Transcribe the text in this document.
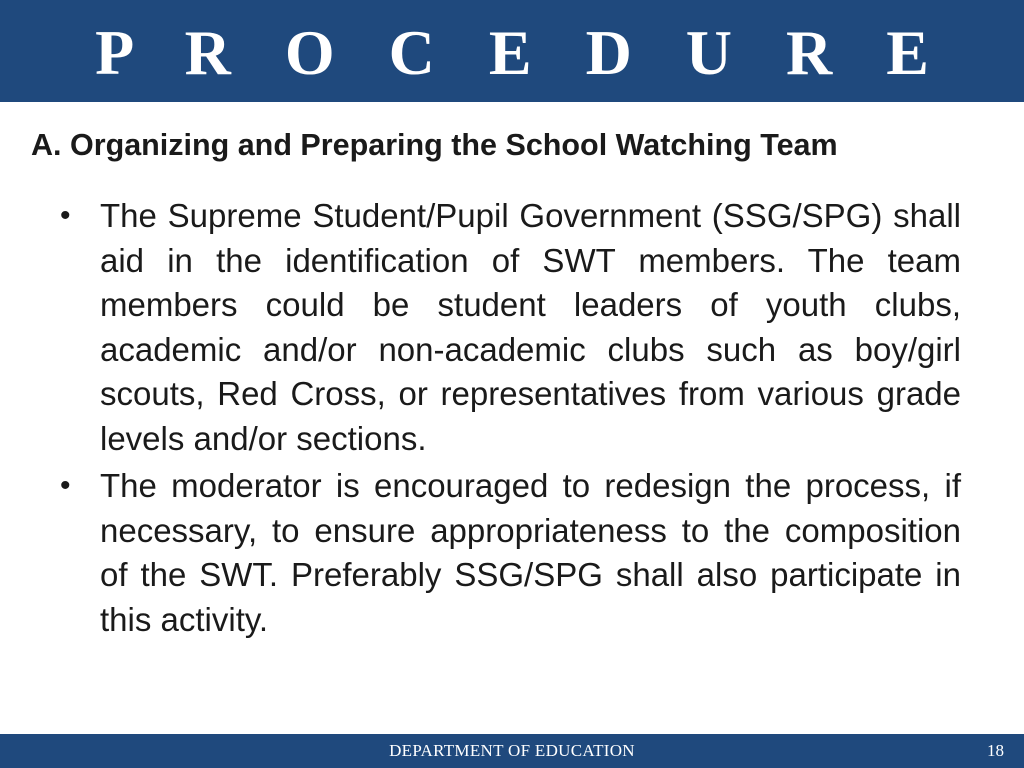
P R O C E D U R E
A. Organizing and Preparing the School Watching Team
• The Supreme Student/Pupil Government (SSG/SPG) shall aid in the identification of SWT members. The team members could be student leaders of youth clubs, academic and/or non-academic clubs such as boy/girl scouts, Red Cross, or representatives from various grade levels and/or sections.
• The moderator is encouraged to redesign the process, if necessary, to ensure appropriateness to the composition of the SWT. Preferably SSG/SPG shall also participate in this activity.
DEPARTMENT OF EDUCATION	18
